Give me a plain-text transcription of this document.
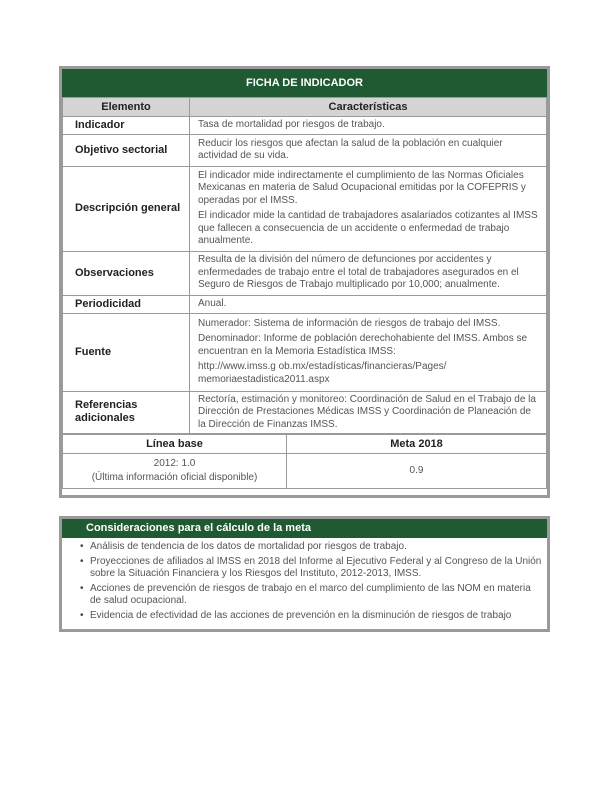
FICHA DE INDICADOR
Elemento	Características
Indicador	Tasa de mortalidad por riesgos de trabajo.

Objetivo sectorial	Reducir los riesgos que afectan la salud de la población en cualquier actividad de su vida.

Descripción general	El indicador mide indirectamente el cumplimiento de las Normas Oficiales Mexicanas en materia de Salud Ocupacional emitidas por la COFEPRIS y operadas por el IMSS.

El indicador mide la cantidad de trabajadores asalariados cotizantes al IMSS que fallecen a consecuencia de un accidente o enfermedad de trabajo anualmente.

Observaciones	Resulta de la división del número de defunciones por accidentes y enfermedades de trabajo entre el total de trabajadores asegurados en el Seguro de Riesgos de Trabajo multiplicado por 10,000; anualmente.

Periodicidad	Anual.

Fuente	Numerador: Sistema de información de riesgos de trabajo del IMSS.

Denominador: Informe de población derechohabiente del IMSS. Ambos se encuentran en la Memoria Estadística IMSS:

http://www.imss.g ob.mx/estadísticas/financieras/Pages/ memoriaestadistica2011.aspx

Referencias adicionales	Rectoría, estimación y monitoreo: Coordinación de Salud en el Trabajo de la Dirección de Prestaciones Médicas IMSS y Coordinación de Planeación de la Dirección de Finanzas IMSS.

Línea base	Meta 2018

2012: 1.0
(Última información oficial disponible)	0.9
Consideraciones para el cálculo de la meta
• Análisis de tendencia de los datos de mortalidad por riesgos de trabajo.
• Proyecciones de afiliados al IMSS en 2018 del Informe al Ejecutivo Federal y al Congreso de la Unión sobre la Situación Financiera y los Riesgos del Instituto, 2012-2013, IMSS.
• Acciones de prevención de riesgos de trabajo en el marco del cumplimiento de las NOM en materia de salud ocupacional.
• Evidencia de efectividad de las acciones de prevención en la disminución de riesgos de trabajo
